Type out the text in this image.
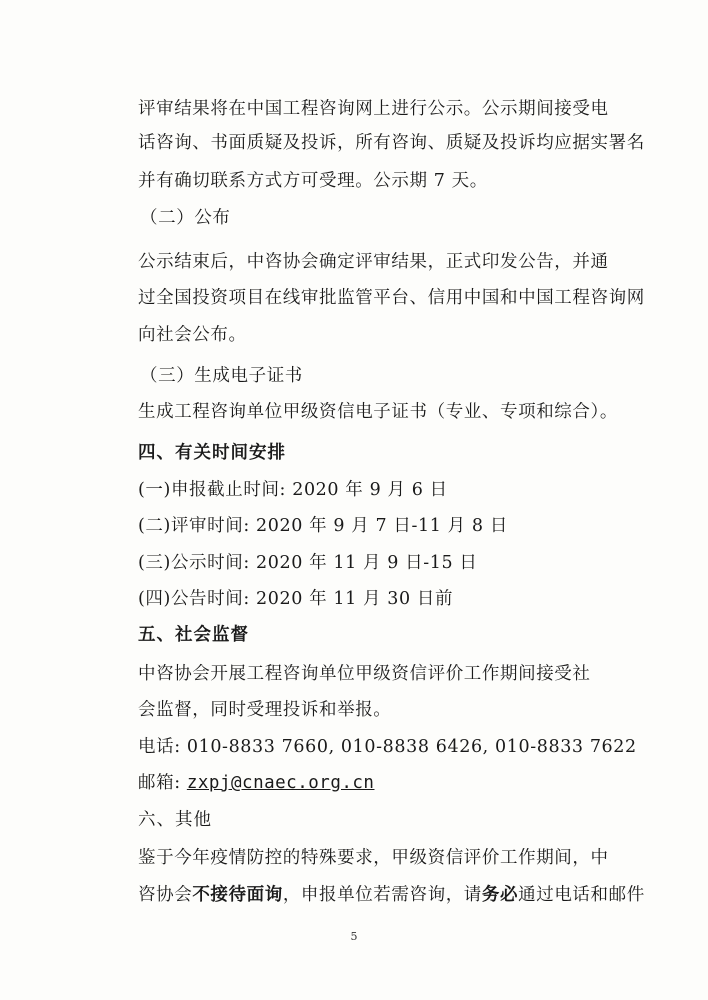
评审结果将在中国工程咨询网上进行公示。公示期间接受电
话咨询、书面质疑及投诉，所有咨询、质疑及投诉均应据实署名
并有确切联系方式方可受理。公示期 7 天。
（二）公布
公示结束后，中咨协会确定评审结果，正式印发公告，并通
过全国投资项目在线审批监管平台、信用中国和中国工程咨询网
向社会公布。
（三）生成电子证书
生成工程咨询单位甲级资信电子证书（专业、专项和综合）。
四、有关时间安排
(一)申报截止时间: 2020 年 9 月 6 日
(二)评审时间: 2020 年 9 月 7 日-11 月 8 日
(三)公示时间: 2020 年 11 月 9 日-15 日
(四)公告时间: 2020 年 11 月 30 日前
五、社会监督
中咨协会开展工程咨询单位甲级资信评价工作期间接受社
会监督，同时受理投诉和举报。
电话: 010-8833 7660, 010-8838 6426, 010-8833 7622
邮箱: zxpj@cnaec.org.cn
六、其他
鉴于今年疫情防控的特殊要求，甲级资信评价工作期间，中
咨协会不接待面询，申报单位若需咨询，请务必通过电话和邮件
5
